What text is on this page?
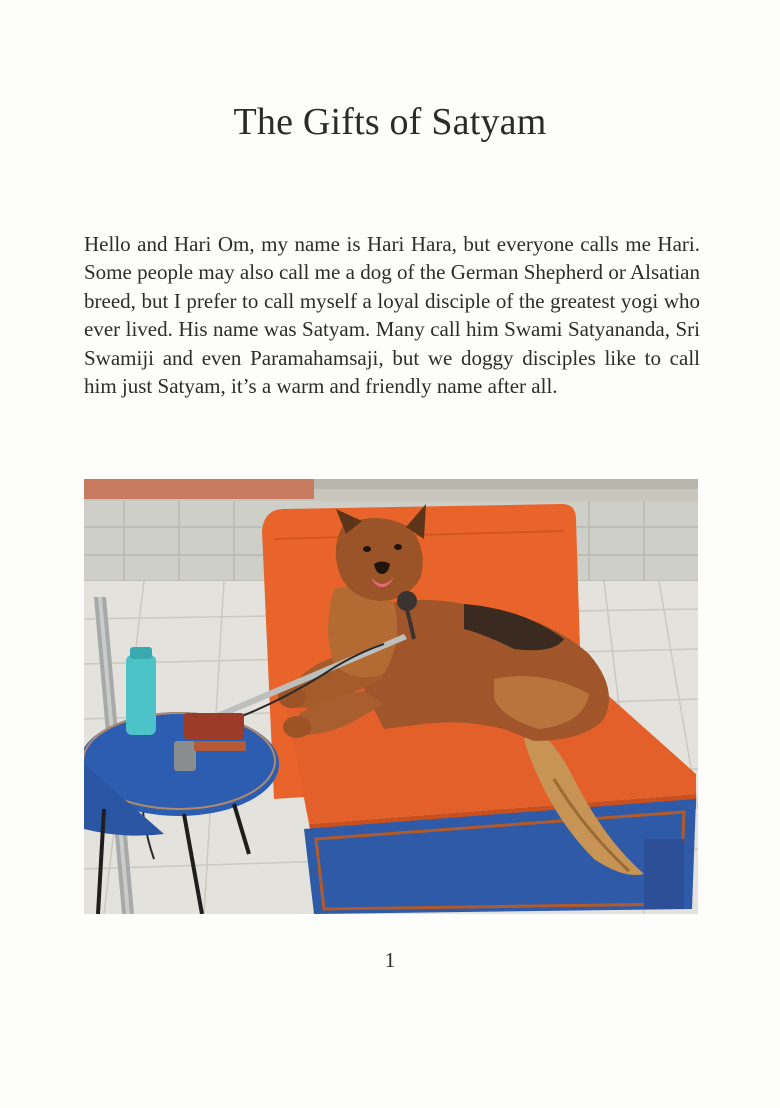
The Gifts of Satyam

Hello and Hari Om, my name is Hari Hara, but everyone calls me Hari. Some people may also call me a dog of the German Shepherd or Alsatian breed, but I prefer to call myself a loyal disciple of the greatest yogi who ever lived. His name was Satyam. Many call him Swami Satyananda, Sri Swamiji and even Paramahamsaji, but we doggy disciples like to call him just Satyam, it’s a warm and friendly name after all.

1
